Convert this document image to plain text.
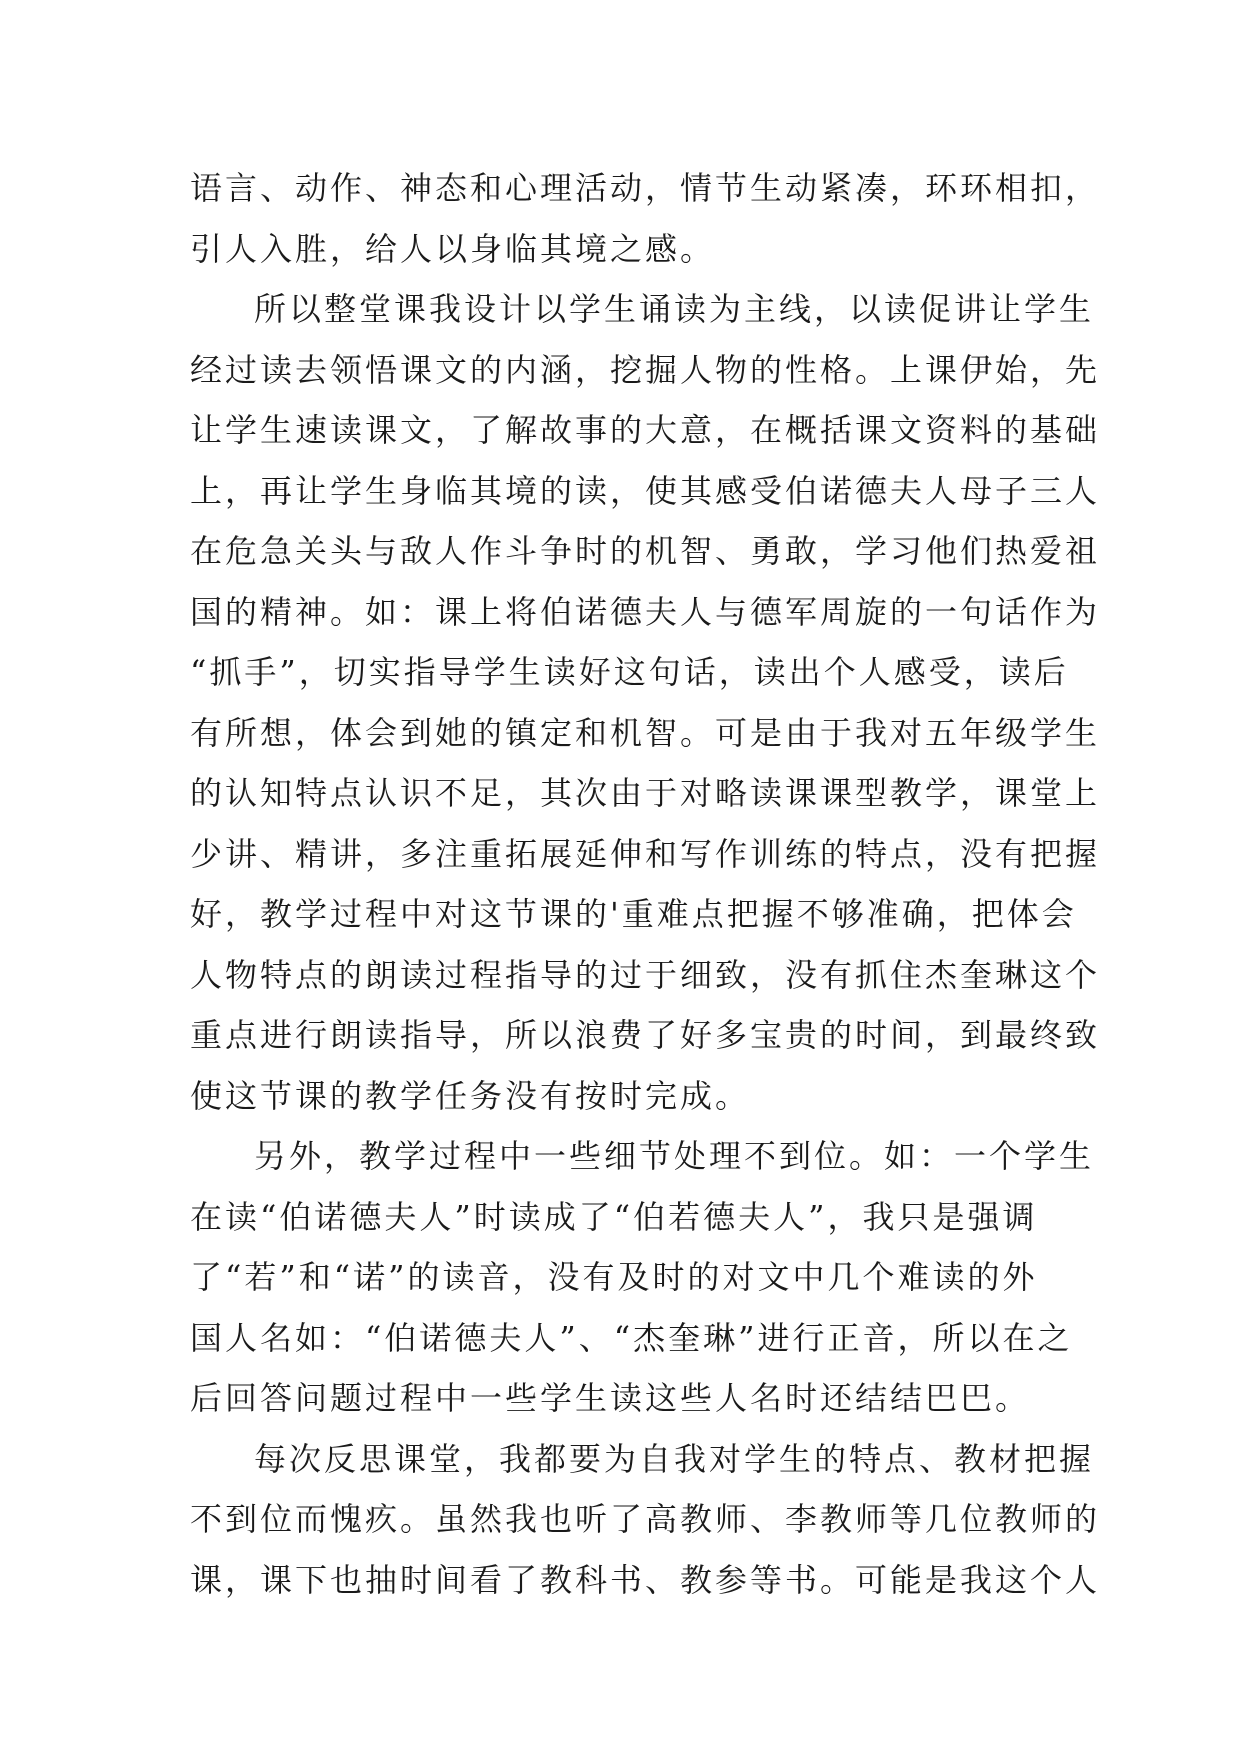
语言、动作、神态和心理活动，情节生动紧凑，环环相扣，
引人入胜，给人以身临其境之感。
所以整堂课我设计以学生诵读为主线，以读促讲让学生
经过读去领悟课文的内涵，挖掘人物的性格。上课伊始，先
让学生速读课文，了解故事的大意，在概括课文资料的基础
上，再让学生身临其境的读，使其感受伯诺德夫人母子三人
在危急关头与敌人作斗争时的机智、勇敢，学习他们热爱祖
国的精神。如：课上将伯诺德夫人与德军周旋的一句话作为
“抓手”，切实指导学生读好这句话，读出个人感受，读后
有所想，体会到她的镇定和机智。可是由于我对五年级学生
的认知特点认识不足，其次由于对略读课课型教学，课堂上
少讲、精讲，多注重拓展延伸和写作训练的特点，没有把握
好，教学过程中对这节课的'重难点把握不够准确，把体会
人物特点的朗读过程指导的过于细致，没有抓住杰奎琳这个
重点进行朗读指导，所以浪费了好多宝贵的时间，到最终致
使这节课的教学任务没有按时完成。
另外，教学过程中一些细节处理不到位。如：一个学生
在读“伯诺德夫人”时读成了“伯若德夫人”，我只是强调
了“若”和“诺”的读音，没有及时的对文中几个难读的外
国人名如：“伯诺德夫人”、“杰奎琳”进行正音，所以在之
后回答问题过程中一些学生读这些人名时还结结巴巴。
每次反思课堂，我都要为自我对学生的特点、教材把握
不到位而愧疚。虽然我也听了高教师、李教师等几位教师的
课，课下也抽时间看了教科书、教参等书。可能是我这个人
